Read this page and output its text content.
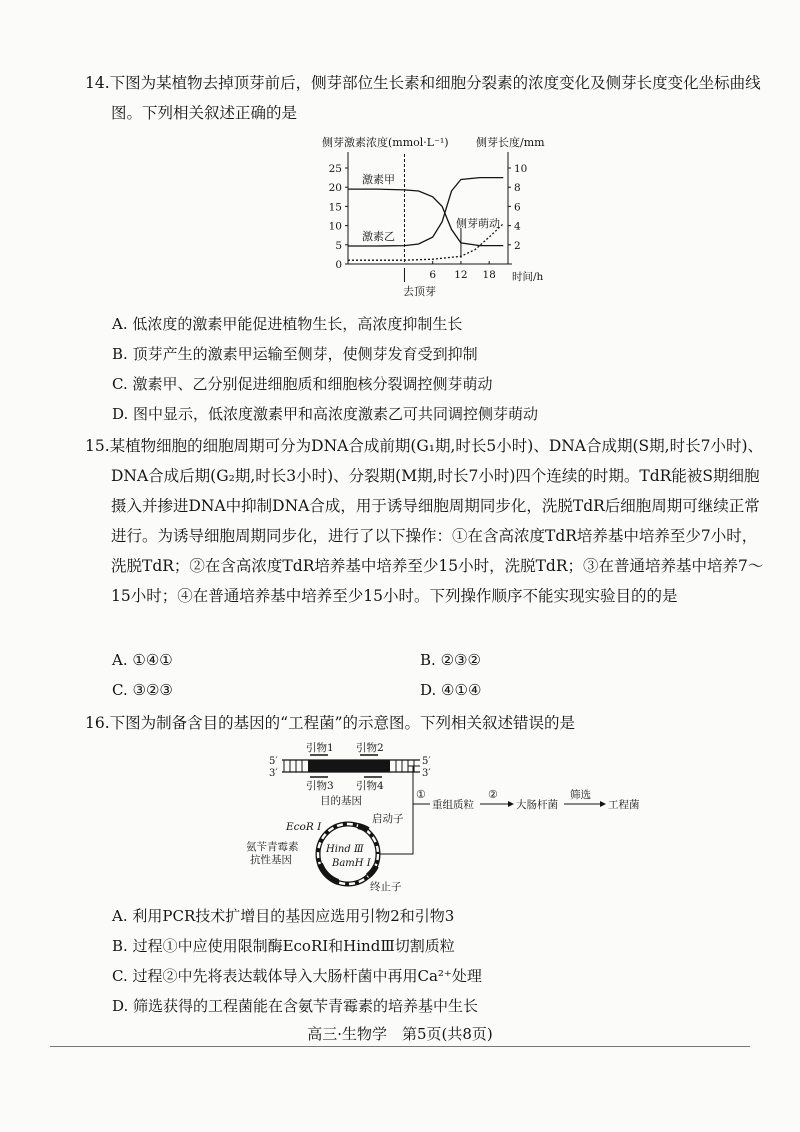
14.下图为某植物去掉顶芽前后，侧芽部位生长素和细胞分裂素的浓度变化及侧芽长度变化坐标曲线图。下列相关叙述正确的是

侧芽激素浓度(mmol·L⁻¹) 侧芽长度/mm
0
5
10
15
20
25
2
4
6
8
10
6 12 18
激素甲
激素乙
时间/h
去顶芽
侧芽萌动
A. 低浓度的激素甲能促进植物生长，高浓度抑制生长
B. 顶芽产生的激素甲运输至侧芽，使侧芽发育受到抑制
C. 激素甲、乙分别促进细胞质和细胞核分裂调控侧芽萌动
D. 图中显示，低浓度激素甲和高浓度激素乙可共同调控侧芽萌动

15.某植物细胞的细胞周期可分为DNA合成前期(G₁期,时长5小时)、DNA合成期(S期,时长7小时)、DNA合成后期(G₂期,时长3小时)、分裂期(M期,时长7小时)四个连续的时期。TdR能被S期细胞摄入并掺进DNA中抑制DNA合成，用于诱导细胞周期同步化，洗脱TdR后细胞周期可继续正常进行。为诱导细胞周期同步化，进行了以下操作：①在含高浓度TdR培养基中培养至少7小时，洗脱TdR；②在含高浓度TdR培养基中培养至少15小时，洗脱TdR；③在普通培养基中培养7～15小时；④在普通培养基中培养至少15小时。下列操作顺序不能实现实验目的的是

A. ①④①	B. ②③②
C. ③②③	D. ④①④

16.下图为制备含目的基因的“工程菌”的示意图。下列相关叙述错误的是

引物1 引物2
5′
3′
5′
3′
引物3 引物4
目的基因	①
重组质粒
②
大肠杆菌
筛选
工程菌
EcoR Ⅰ
启动子
Hind Ⅲ
BamH Ⅰ
氨苄青霉素
抗性基因
终止子
A. 利用PCR技术扩增目的基因应选用引物2和引物3
B. 过程①中应使用限制酶EcoRⅠ和HindⅢ切割质粒
C. 过程②中先将表达载体导入大肠杆菌中再用Ca²⁺处理
D. 筛选获得的工程菌能在含氨苄青霉素的培养基中生长
高三·生物学　第5页(共8页)
